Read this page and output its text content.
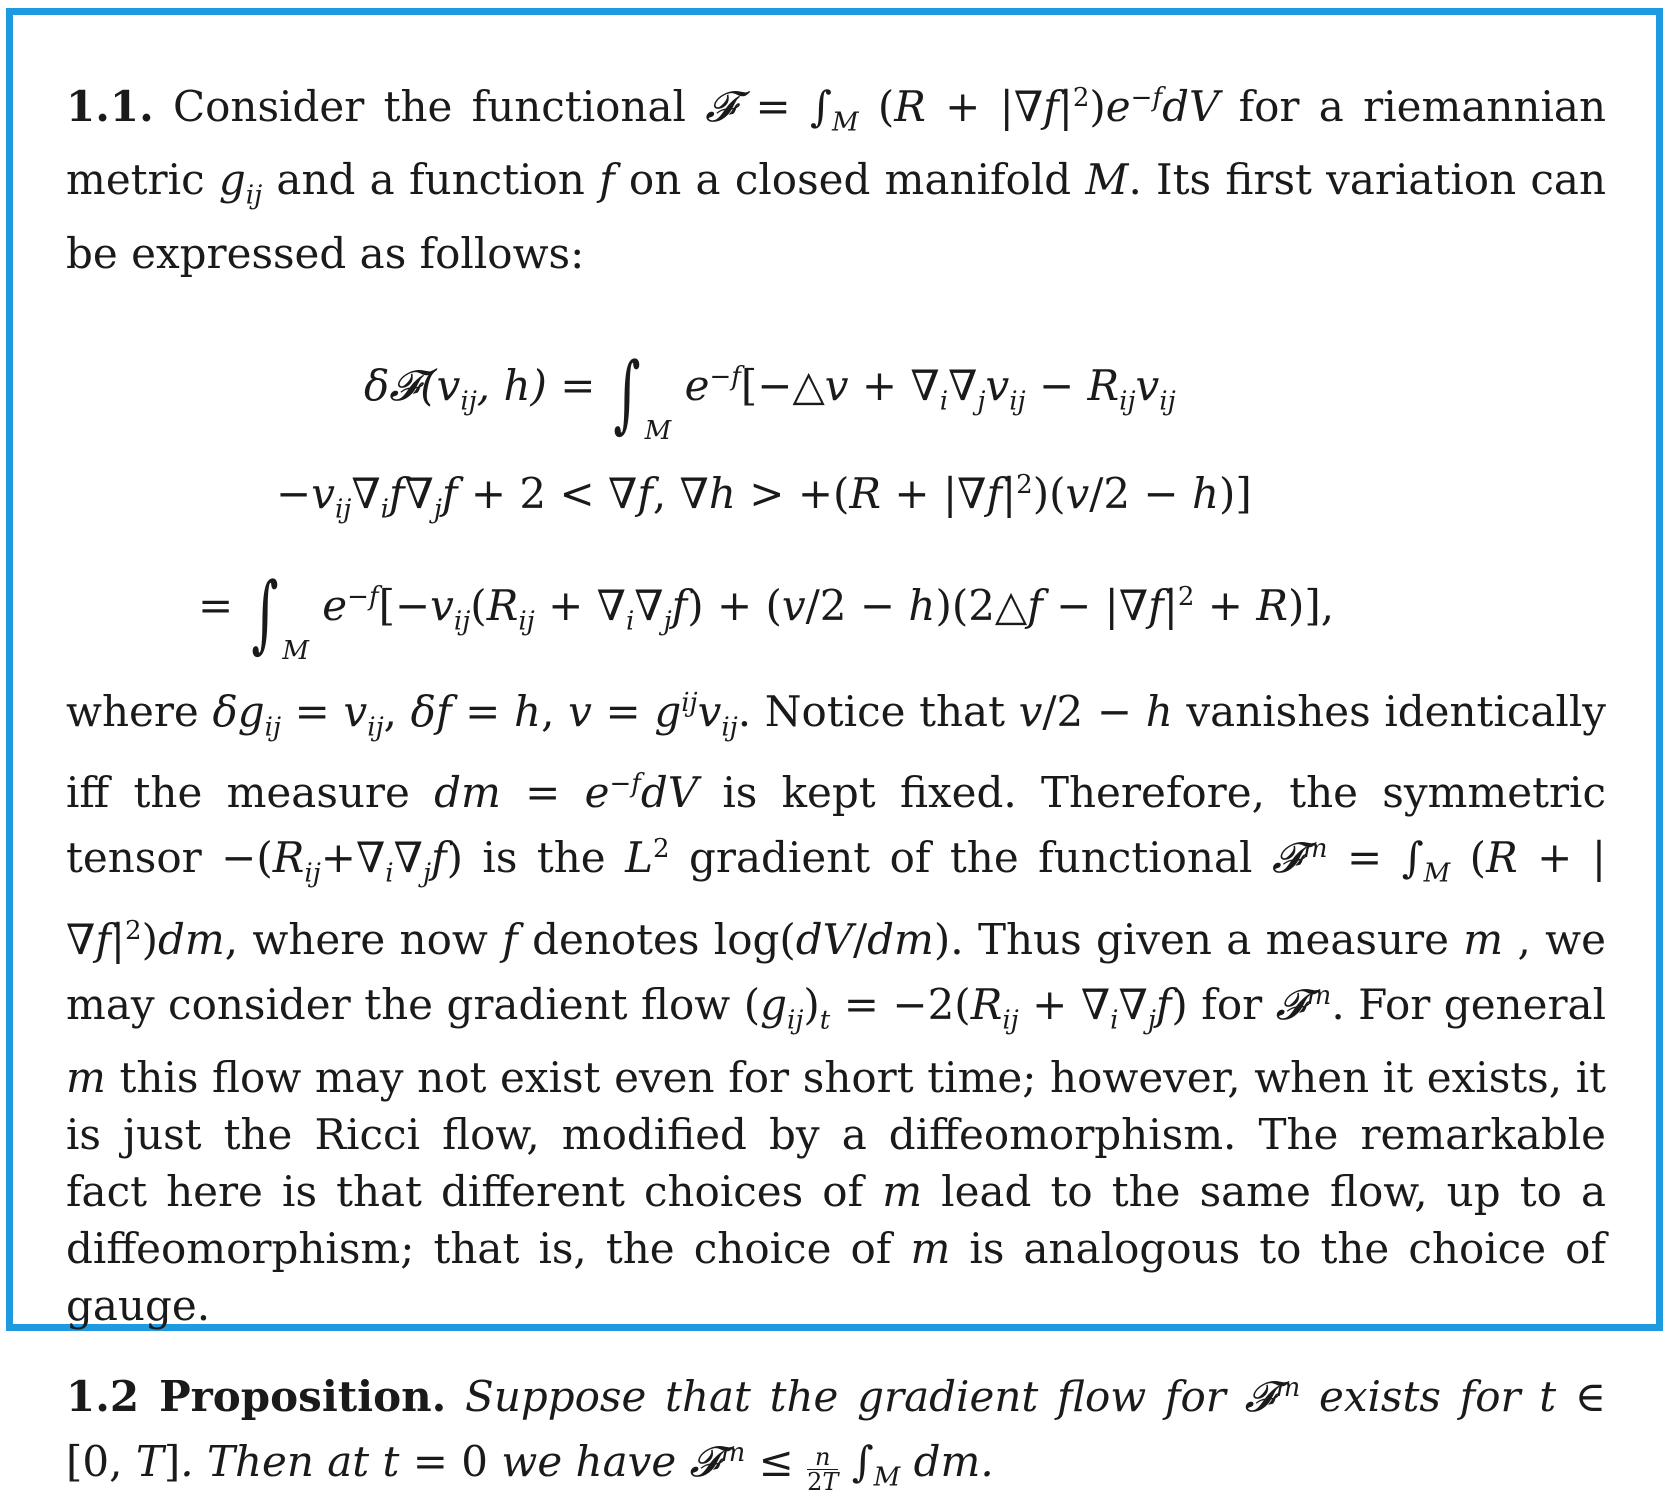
1.1. Consider the functional 𝓕 = $\int_M$ $(R + |\nabla f|^2)e^{-f}dV$ for a riemannian metric $g_{ij}$ and a function f on a closed manifold M. Its first variation can be expressed as follows:

$\delta 𝓕(v_{ij}$, h) = ∫ $_M$ $e^{-f}[-\triangle v + \nabla_i\nabla_jv_{ij} - R_{ij}v_{ij}$
$-v_{ij}\nabla_if\nabla_jf + 2 < \nabla f$, $\nabla h > +(R + |\nabla f|^2)(v/2 - h)$]
= ∫ $_M$ $e^{-f}[-v_{ij}(R_{ij} + \nabla_i\nabla_jf) + (v/2$ − h)(2△f − $|\nabla f|^2 + R$)],

where $\delta g_{ij} = v_{ij}$, δf = h, $v = g^{ij}v_{ij}$. Notice that v/2 − h vanishes identically iff the measure dm = $e^{-f}dV$ is kept fixed. Therefore, the symmetric tensor $-(R_{ij}+\nabla_i\nabla_jf)$ is the $L^2$ gradient of the functional 𝓕$^m$ = $\int_M$ $(R + |\nabla f|^2)dm$, where now f denotes log(dV/dm). Thus given a measure m , we may consider the gradient flow $(g_{ij})_t = -2(R_{ij} + \nabla_i\nabla_jf)$ for 𝓕$^m$. For general m this flow may not exist even for short time; however, when it exists, it is just the Ricci flow, modified by a diffeomorphism. The remarkable fact here is that different choices of m lead to the same flow, up to a diffeomorphism; that is, the choice of m is analogous to the choice of gauge.

1.2 Proposition. Suppose that the gradient flow for 𝓕$^m$ exists for t ∈ [0, T]. Then at t = 0 we have 𝓕$^m$ ≤ $\frac{n}{2T} \int_M$ dm.
